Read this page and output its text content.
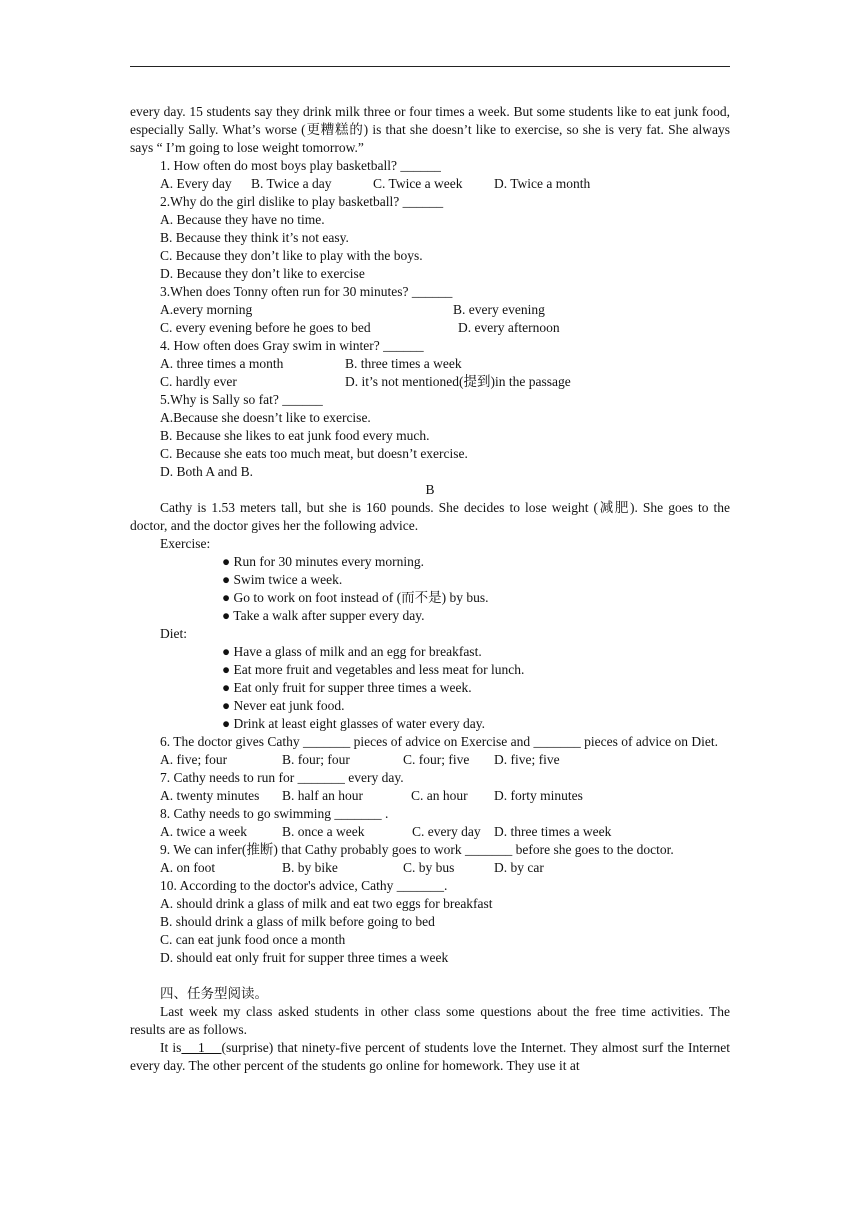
every day. 15 students say they drink milk three or four times a week. But some students like to eat junk food, especially Sally. What’s worse (更糟糕的) is that she doesn’t like to exercise, so she is very fat. She always says “ I’m going to lose weight tomorrow.”

1. How often do most boys play basketball? ______
A. Every day B. Twice a day	C. Twice a week D. Twice a month
2.Why do the girl dislike to play basketball? ______
A. Because they have no time.
B. Because they think it’s not easy.
C. Because they don’t like to play with the boys.
D. Because they don’t like to exercise
3.When does Tonny often run for 30 minutes? ______
A.every morning	B. every evening
C. every evening before he goes to bed	D. every afternoon
4. How often does Gray swim in winter? ______
A. three times a month	B. three times a week
C. hardly ever	D. it’s not mentioned(提到)in the passage
5.Why is Sally so fat? ______
A.Because she doesn’t like to exercise.
B. Because she likes to eat junk food every much.
C. Because she eats too much meat, but doesn’t exercise.
D. Both A and B.

B

Cathy is 1.53 meters tall, but she is 160 pounds. She decides to lose weight (减肥). She goes to the doctor, and the doctor gives her the following advice.

Exercise:
● Run for 30 minutes every morning.
● Swim twice a week.
● Go to work on foot instead of (而不是) by bus.
● Take a walk after supper every day.
Diet:
● Have a glass of milk and an egg for breakfast.
● Eat more fruit and vegetables and less meat for lunch.
● Eat only fruit for supper three times a week.
● Never eat junk food.
● Drink at least eight glasses of water every day.

6. The doctor gives Cathy _______ pieces of advice on Exercise and _______ pieces of advice on Diet.

A. five; four	B. four; four	C. four; five D. five; five
7. Cathy needs to run for _______ every day.
A. twenty minutes B. half an hour	C. an hour D. forty minutes
8. Cathy needs to go swimming _______ .
A. twice a week	B. once a week	C. every day D. three times a week

9. We can infer(推断) that Cathy probably goes to work _______ before she goes to the doctor.

A. on foot	B. by bike	C. by bus	D. by car
10. According to the doctor's advice, Cathy _______.
A. should drink a glass of milk and eat two eggs for breakfast
B. should drink a glass of milk before going to bed
C. can eat junk food once a month
D. should eat only fruit for supper three times a week
四、任务型阅读。

Last week my class asked students in other class some questions about the free time activities. The results are as follows.

It is    1    (surprise) that ninety-five percent of students love the Internet. They almost surf the Internet every day. The other percent of the students go online for homework. They use it at
